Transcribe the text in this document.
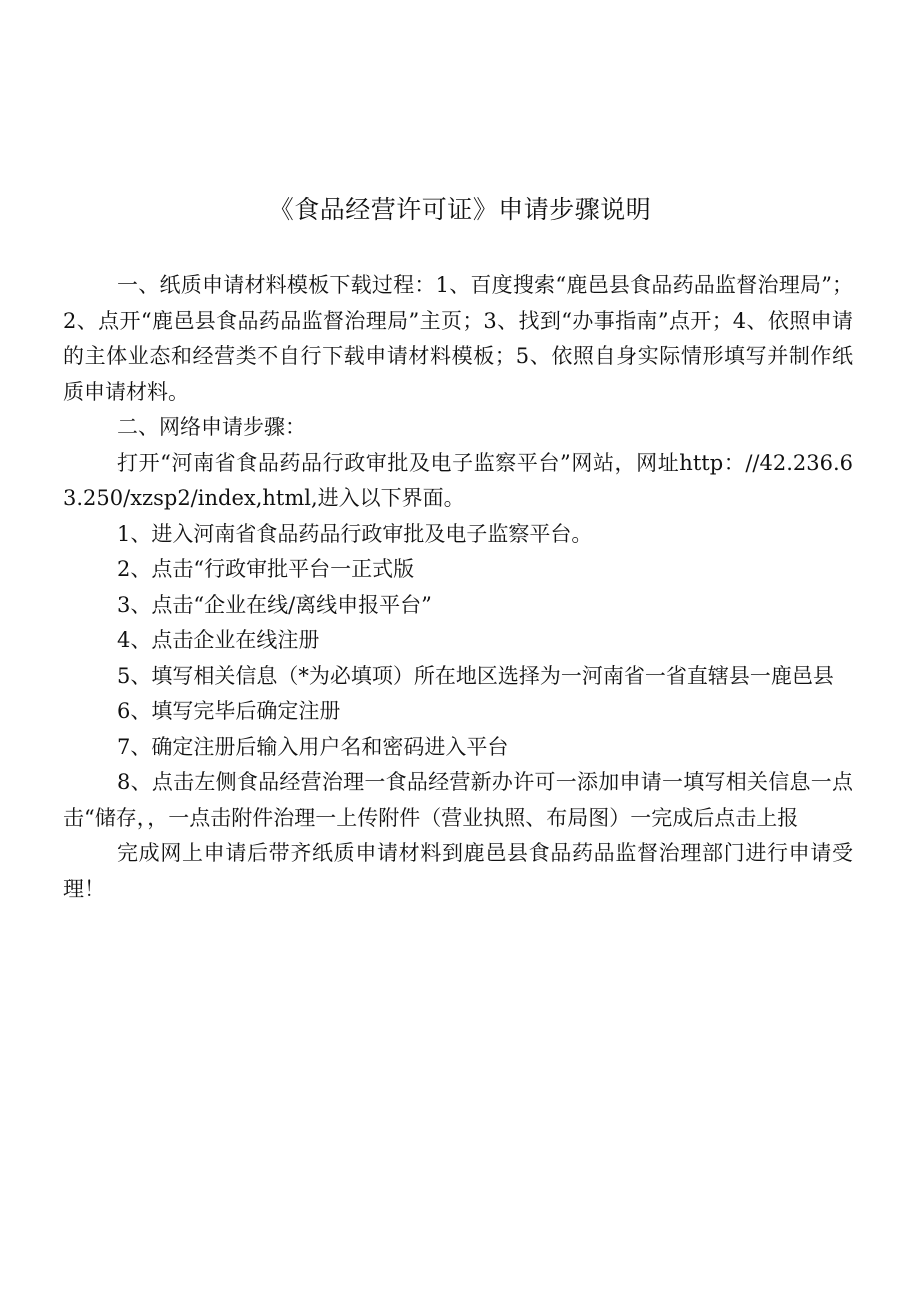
《食品经营许可证》申请步骤说明

一、纸质申请材料模板下载过程：1、百度搜索“鹿邑县食品药品监督治理局”；2、点开“鹿邑县食品药品监督治理局”主页；3、找到“办事指南”点开；4、依照申请的主体业态和经营类不自行下载申请材料模板；5、依照自身实际情形填写并制作纸质申请材料。

二、网络申请步骤：

打开“河南省食品药品行政审批及电子监察平台”网站，网址http：//42.236.63.250/xzsp2/index,html,进入以下界面。

1、进入河南省食品药品行政审批及电子监察平台。

2、点击“行政审批平台一正式版

3、点击“企业在线/离线申报平台”

4、点击企业在线注册

5、填写相关信息（*为必填项）所在地区选择为一河南省一省直辖县一鹿邑县

6、填写完毕后确定注册

7、确定注册后输入用户名和密码进入平台

8、点击左侧食品经营治理一食品经营新办许可一添加申请一填写相关信息一点击“储存，，一点击附件治理一上传附件（营业执照、布局图）一完成后点击上报

完成网上申请后带齐纸质申请材料到鹿邑县食品药品监督治理部门进行申请受理！
